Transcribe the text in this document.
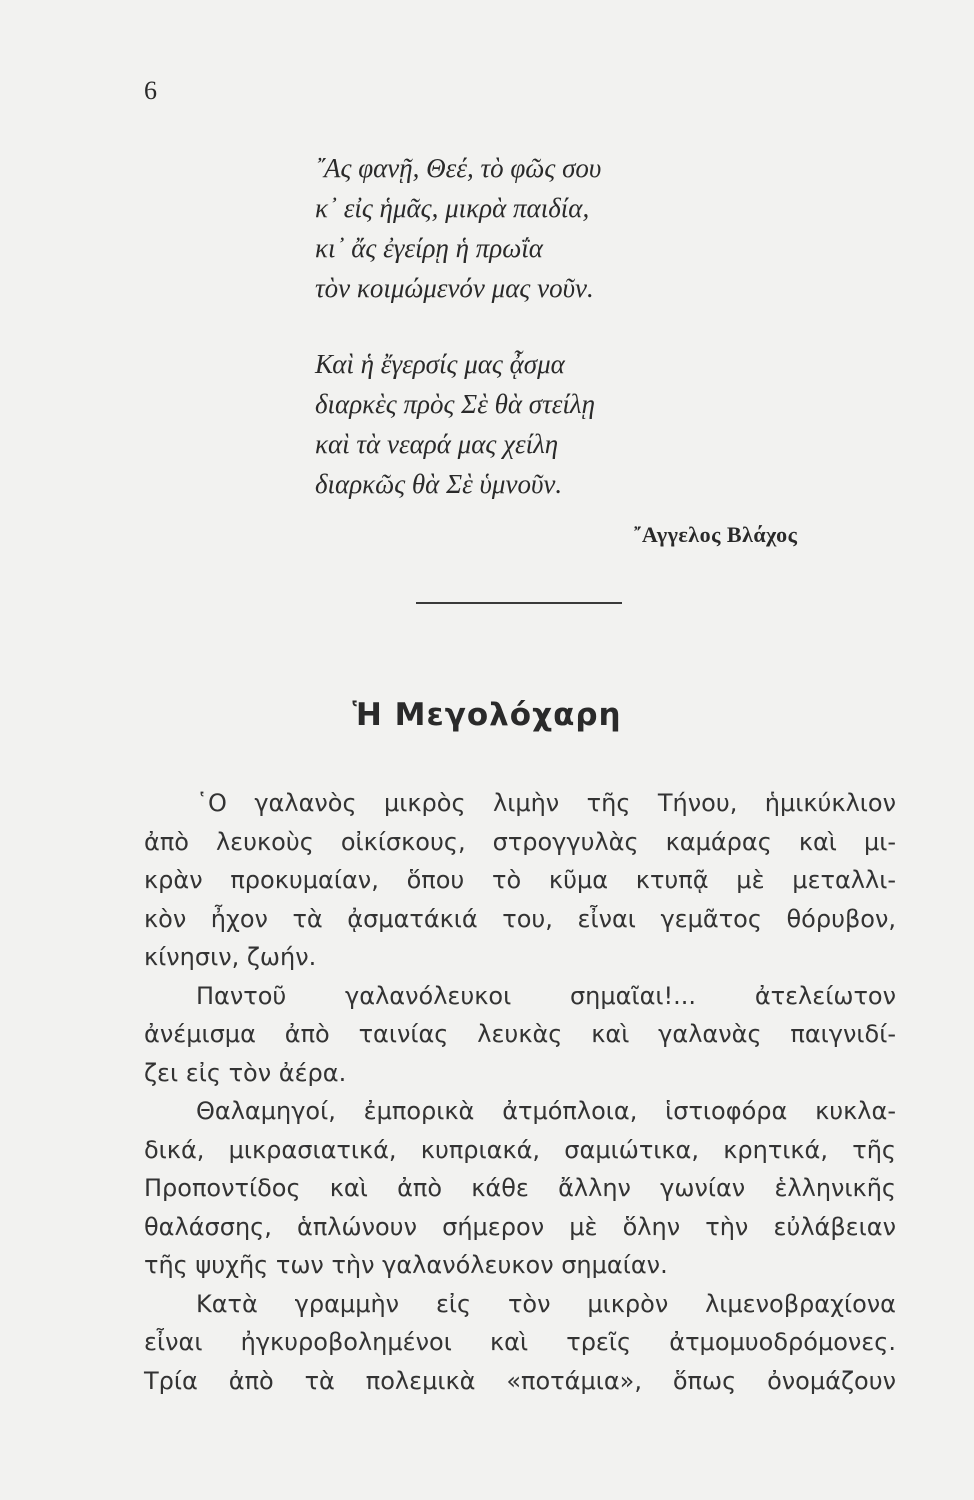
6
῎Ας φανῇ, Θεέ, τὸ φῶς σου
κ᾽ εἰς ἡμᾶς, μικρὰ παιδία,
κι᾽ ἄς ἐγείρῃ ἡ πρωΐα
τὸν κοιμώμενόν μας νοῦν.
Καὶ ἡ ἔγερσίς μας ᾆσμα
διαρκὲς πρὸς Σὲ θὰ στείλῃ
καὶ τὰ νεαρά μας χείλη
διαρκῶς θὰ Σὲ ὑμνοῦν.
῎Αγγελος Βλάχος
Ἡ Μεγολόχαρη
῾Ο γαλανὸς μικρὸς λιμὴν τῆς Τήνου, ἡμικύκλιον
ἀπὸ λευκοὺς οἰκίσκους, στρογγυλὰς καμάρας καὶ μι-
κρὰν προκυμαίαν, ὅπου τὸ κῦμα κτυπᾷ μὲ μεταλλι-
κὸν ἦχον τὰ ᾀσματάκιά του, εἶναι γεμᾶτος θόρυβον,
κίνησιν, ζωήν.
Παντοῦ γαλανόλευκοι σημαῖαι!... ἀτελείωτον
ἀνέμισμα ἀπὸ ταινίας λευκὰς καὶ γαλανὰς παιγνιδί-
ζει εἰς τὸν ἀέρα.
Θαλαμηγοί, ἐμπορικὰ ἀτμόπλοια, ἱστιοφόρα κυκλα-
δικά, μικρασιατικά, κυπριακά, σαμιώτικα, κρητικά, τῆς
Προποντίδος καὶ ἀπὸ κάθε ἄλλην γωνίαν ἑλληνικῆς
θαλάσσης, ἁπλώνουν σήμερον μὲ ὅλην τὴν εὐλάβειαν
τῆς ψυχῆς των τὴν γαλανόλευκον σημαίαν.
Κατὰ γραμμὴν εἰς τὸν μικρὸν λιμενοβραχίονα
εἶναι ἠγκυροβολημένοι καὶ τρεῖς ἀτμομυοδρόμονες.
Τρία ἀπὸ τὰ πολεμικὰ «ποτάμια», ὅπως ὀνομάζουν
